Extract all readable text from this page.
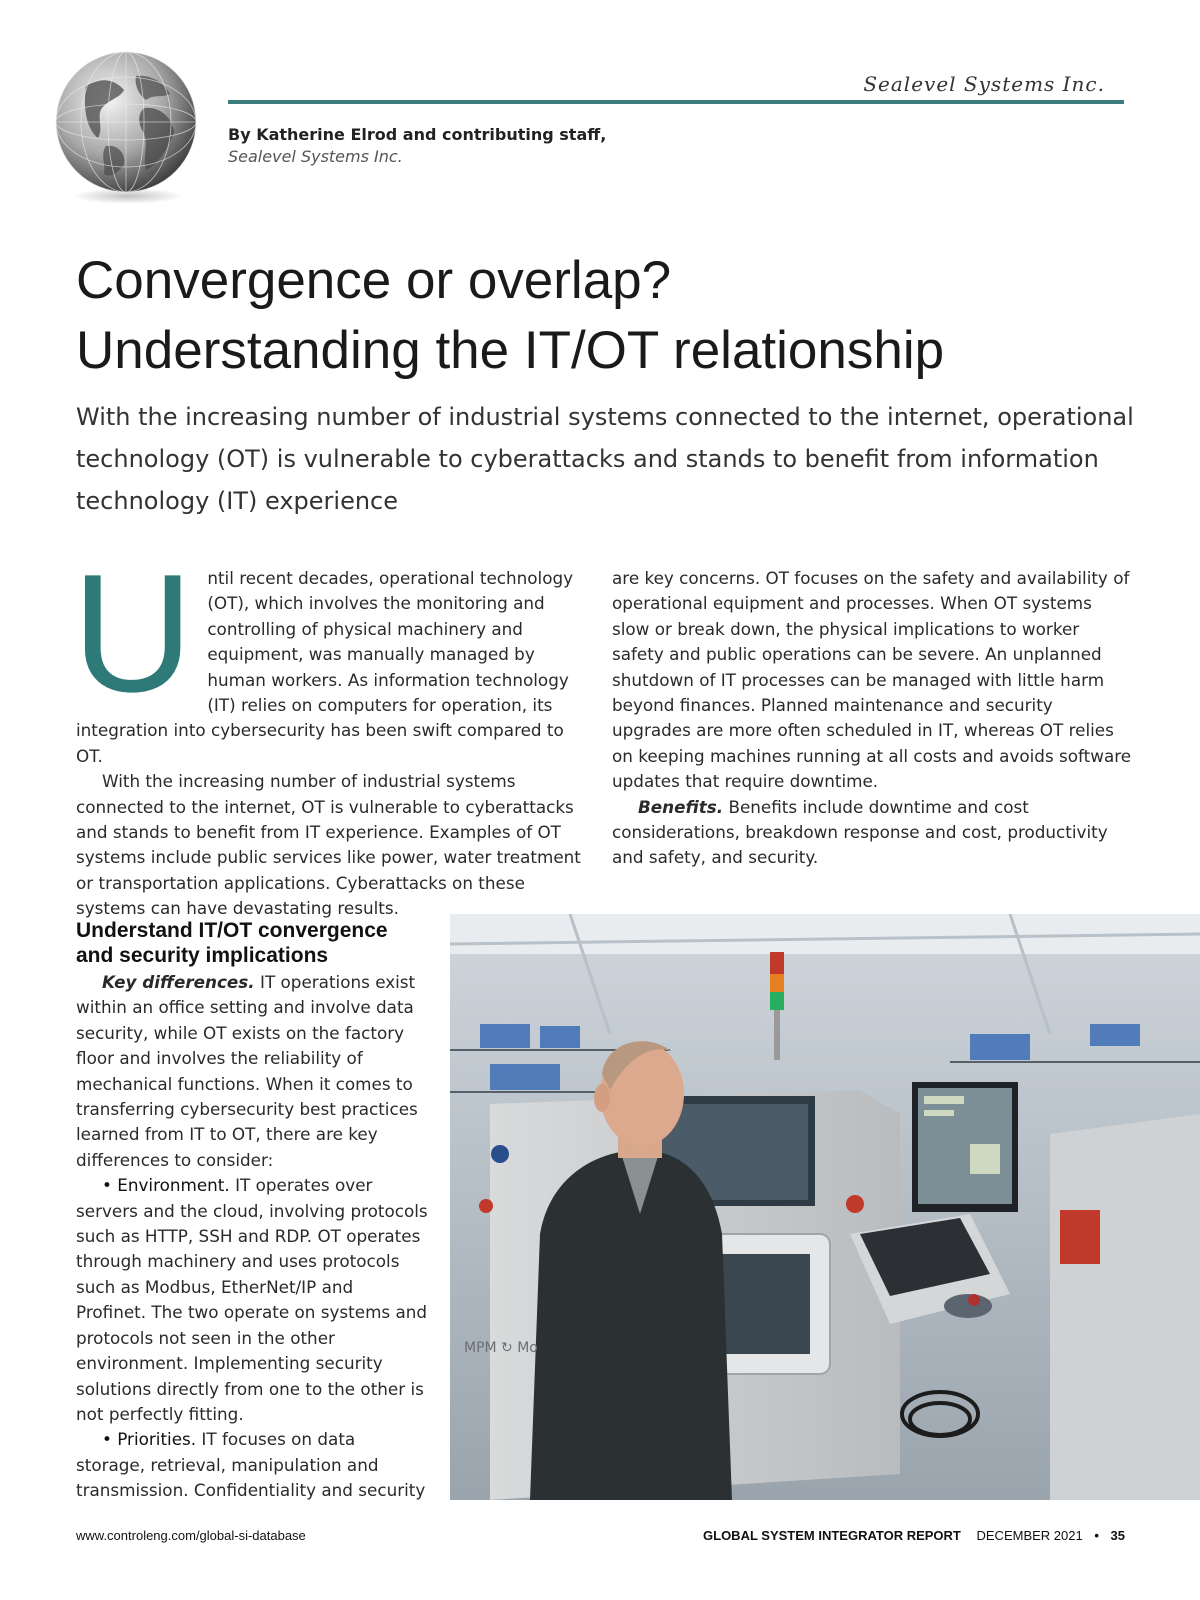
Sealevel Systems Inc.
By Katherine Elrod and contributing staff,
Sealevel Systems Inc.
Convergence or overlap?
Understanding the IT/OT relationship
With the increasing number of industrial systems connected to the internet, operational technology (OT) is vulnerable to cyberattacks and stands to benefit from information technology (IT) experience

Until recent decades, operational technology (OT), which involves the monitoring and controlling of physical machinery and equipment, was manually managed by human workers. As information technology (IT) relies on computers for operation, its integration into cybersecurity has been swift compared to OT.

With the increasing number of industrial systems connected to the internet, OT is vulnerable to cyberattacks and stands to benefit from IT experience. Examples of OT systems include public services like power, water treatment or transportation applications. Cyberattacks on these systems can have devastating results.

are key concerns. OT focuses on the safety and availability of operational equipment and processes. When OT systems slow or break down, the physical implications to worker safety and public operations can be severe. An unplanned shutdown of IT processes can be managed with little harm beyond finances. Planned maintenance and security upgrades are more often scheduled in IT, whereas OT relies on keeping machines running at all costs and avoids software updates that require downtime.

Benefits. Benefits include downtime and cost considerations, breakdown response and cost, productivity and safety, and security.

Understand IT/OT convergence and security implications

Key differences. IT operations exist within an office setting and involve data security, while OT exists on the factory floor and involves the reliability of mechanical functions. When it comes to transferring cybersecurity best practices learned from IT to OT, there are key differences to consider:

• Environment. IT operates over servers and the cloud, involving protocols such as HTTP, SSH and RDP. OT operates through machinery and uses protocols such as Modbus, EtherNet/IP and Profinet. The two operate on systems and protocols not seen in the other environment. Implementing security solutions directly from one to the other is not perfectly fitting.

• Priorities. IT focuses on data storage, retrieval, manipulation and transmission. Confidentiality and security

MPM ↻ Mo
www.controleng.com/global-si-database	GLOBAL SYSTEM INTEGRATOR REPORT DECEMBER 2021 • 35
